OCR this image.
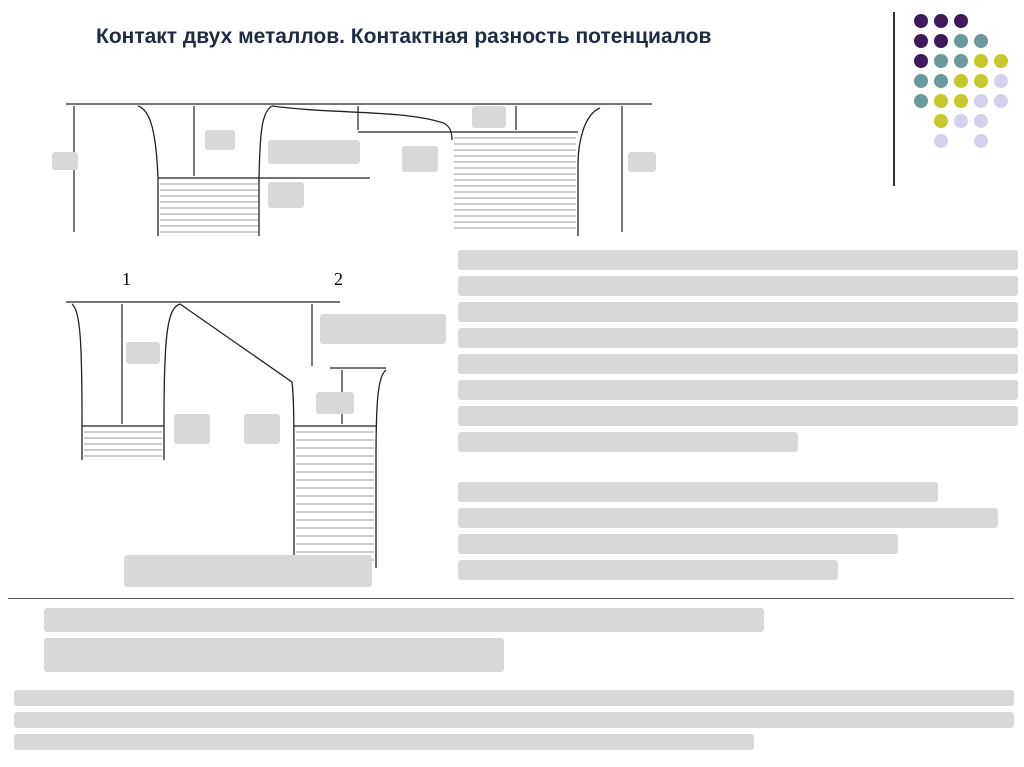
Контакт двух металлов. Контактная разность потенциалов
1	2
